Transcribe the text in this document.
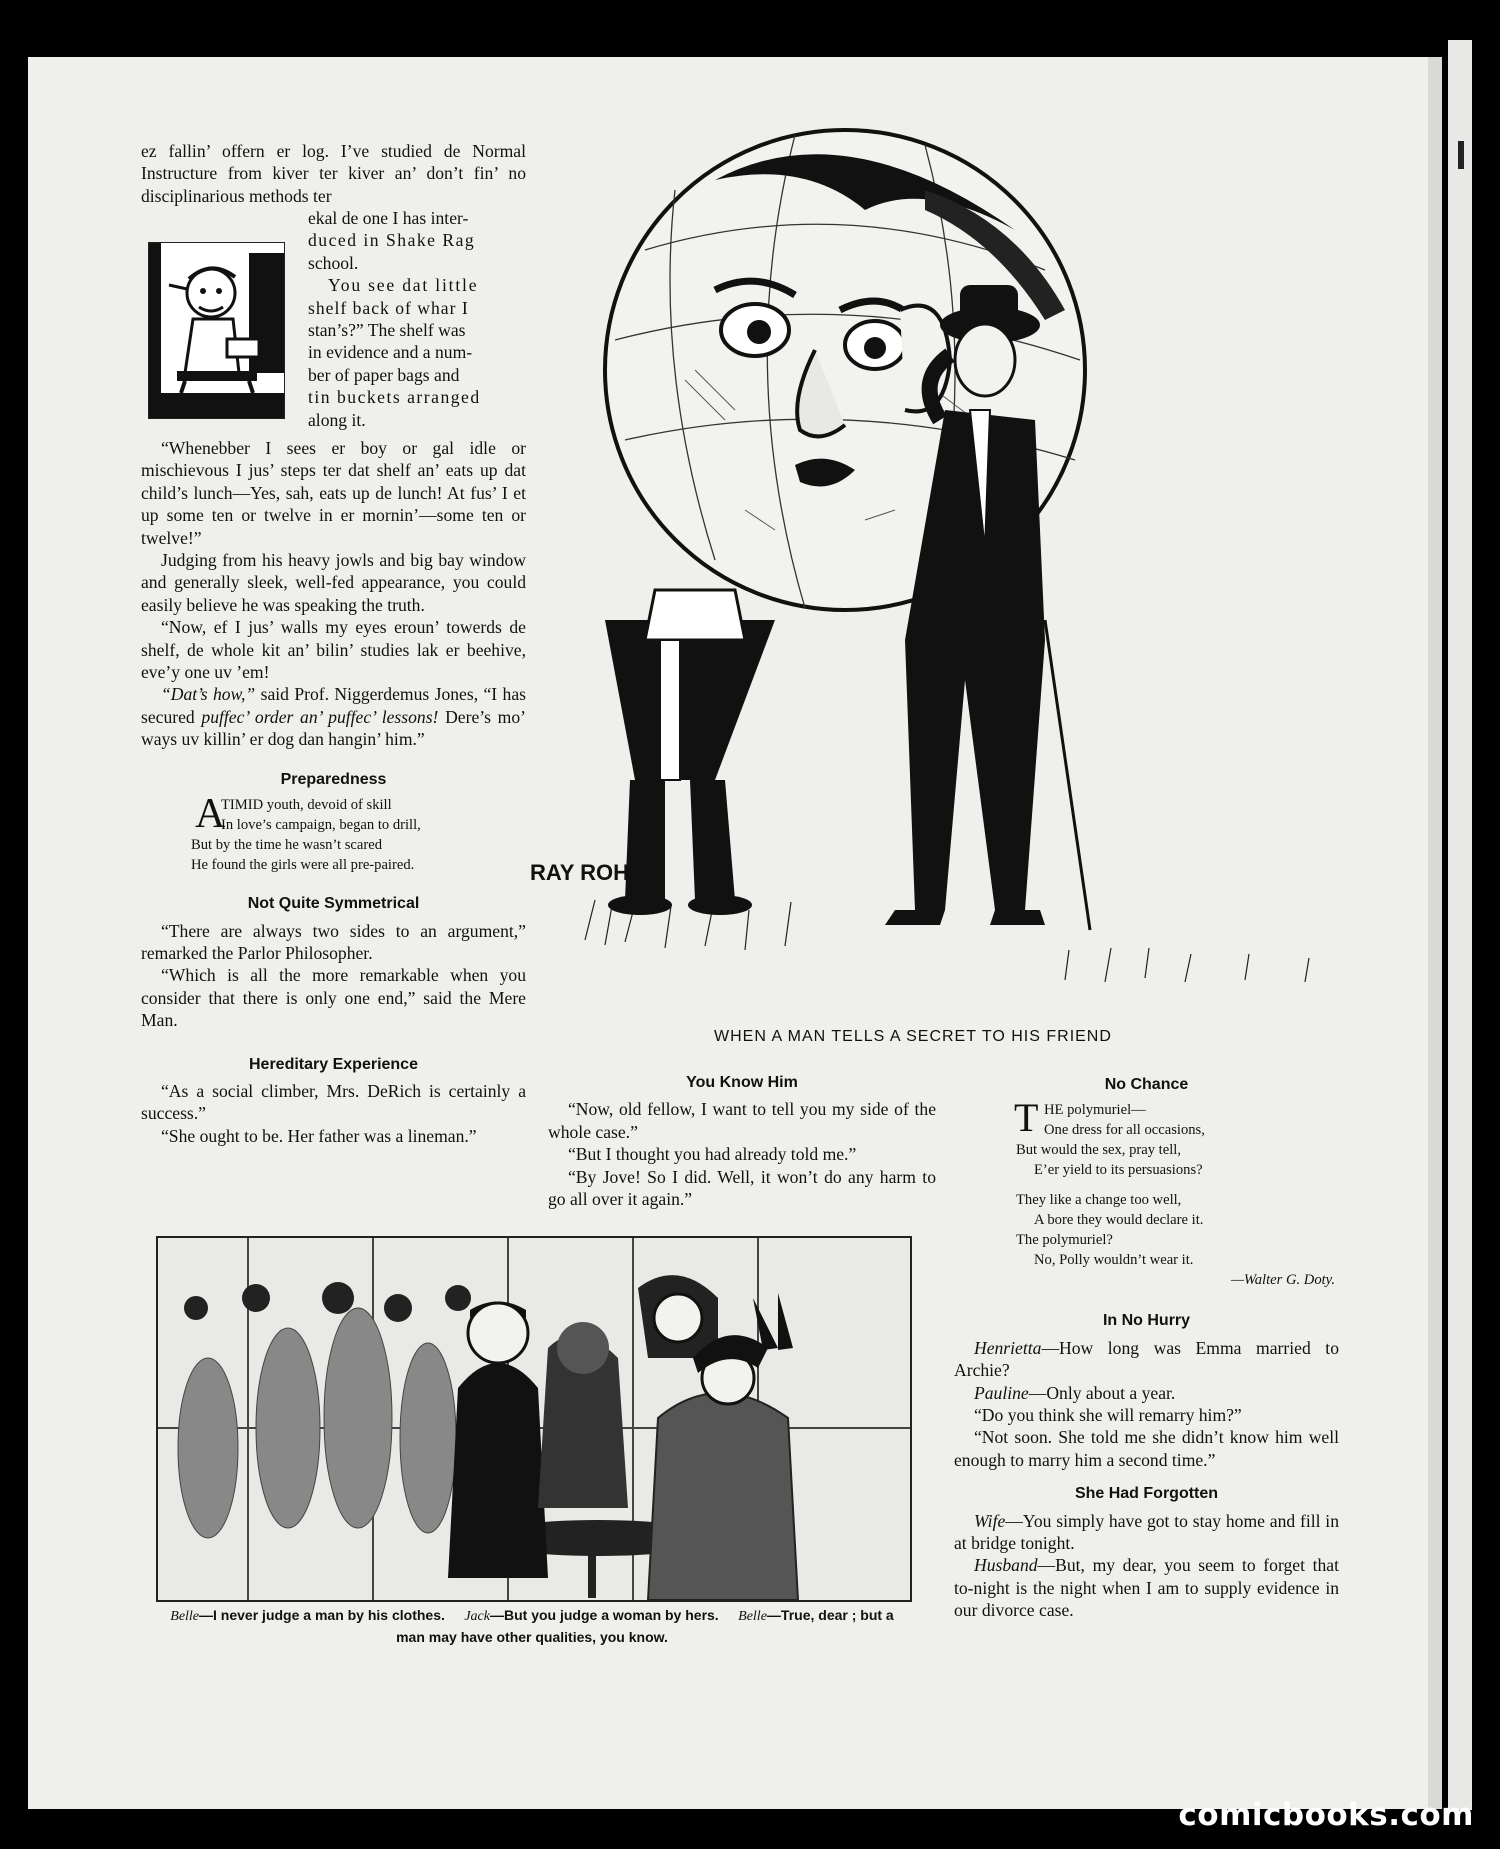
ez fallin’ offern er log. I’ve studied de Normal Instructure from kiver ter kiver an’ don’t fin’ no disciplinarious methods ter

ekal de one I has inter-

duced in Shake Rag

school.

You see dat little

shelf back of whar I

stan’s?” The shelf was

in evidence and a num-

ber of paper bags and

tin buckets arranged

along it.

“Whenebber I sees er boy or gal idle or mischievous I jus’ steps ter dat shelf an’ eats up dat child’s lunch—Yes, sah, eats up de lunch! At fus’ I et up some ten or twelve in er mornin’—some ten or twelve!”

Judging from his heavy jowls and big bay window and generally sleek, well-fed appearance, you could easily believe he was speaking the truth.

“Now, ef I jus’ walls my eyes eroun’ towerds de shelf, de whole kit an’ bilin’ studies lak er beehive, eve’y one uv ’em!

“Dat’s how,” said Prof. Niggerdemus Jones, “I has secured puffec’ order an’ puffec’ lessons! Dere’s mo’ ways uv killin’ er dog dan hangin’ him.”

Preparedness
A
TIMID youth, devoid of skill
In love’s campaign, began to drill,
But by the time he wasn’t scared
He found the girls were all pre-paired.
Not Quite Symmetrical

“There are always two sides to an argument,” remarked the Parlor Philosopher.

“Which is all the more remarkable when you consider that there is only one end,” said the Mere Man.

Hereditary Experience

“As a social climber, Mrs. DeRich is certainly a success.”

“She ought to be. Her father was a lineman.”

RAY ROHN
WHEN A MAN TELLS A SECRET TO HIS FRIEND
You Know Him

“Now, old fellow, I want to tell you my side of the whole case.”

“But I thought you had already told me.”

“By Jove! So I did. Well, it won’t do any harm to go all over it again.”

No Chance
T HE polymuriel—
One dress for all occasions,
But would the sex, pray tell,
E’er yield to its persuasions?
They like a change too well,
A bore they would declare it.
The polymuriel?
No, Polly wouldn’t wear it.
—Walter G. Doty.
In No Hurry

Henrietta—How long was Emma married to Archie?

Pauline—Only about a year.

“Do you think she will remarry him?”

“Not soon. She told me she didn’t know him well enough to marry him a second time.”

She Had Forgotten

Wife—You simply have got to stay home and fill in at bridge tonight.

Husband—But, my dear, you seem to forget that to-night is the night when I am to supply evidence in our divorce case.

Belle—I never judge a man by his clothes. Jack—But you judge a woman by hers. Belle—True, dear ; but a man may have other qualities, you know.
comicbooks.com
